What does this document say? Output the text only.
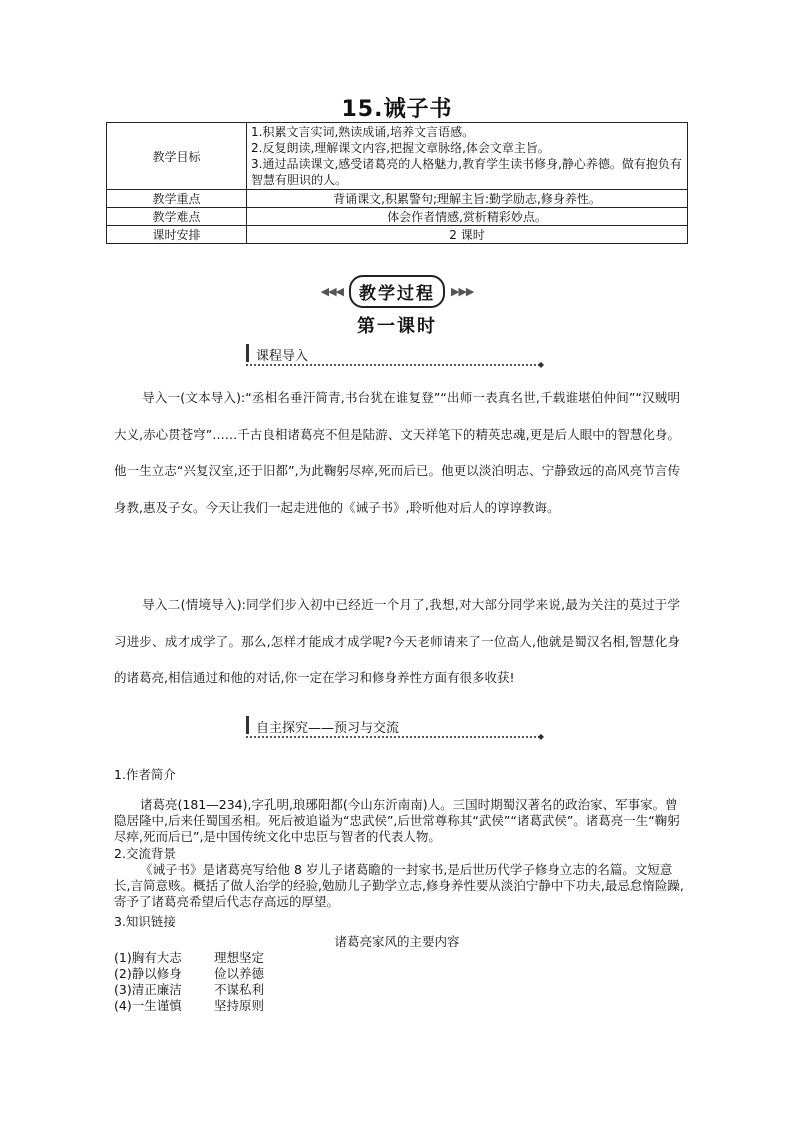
15.诫子书
教学目标	1.积累文言实词,熟读成诵,培养文言语感。
2.反复朗读,理解课文内容,把握文章脉络,体会文章主旨。
3.通过品读课文,感受诸葛亮的人格魅力,教育学生读书修身,静心养德。做有抱负有智慧有胆识的人。

教学重点	背诵课文,积累警句;理解主旨:勤学励志,修身养性。
教学难点	体会作者情感,赏析精彩妙点。
课时安排	2 课时
◀◀◀ 教学过程	▶▶▶
第一课时
课程导入
◆
导入一(文本导入):“丞相名垂汗简青,书台犹在谁复登”“出师一表真名世,千载谁堪伯仲间”“汉贼明大义,赤心贯苍穹”……千古良相诸葛亮不但是陆游、文天祥笔下的精英忠魂,更是后人眼中的智慧化身。他一生立志“兴复汉室,还于旧都”,为此鞠躬尽瘁,死而后已。他更以淡泊明志、宁静致远的高风亮节言传身教,惠及子女。今天让我们一起走进他的《诫子书》,聆听他对后人的谆谆教诲。
导入二(情境导入):同学们步入初中已经近一个月了,我想,对大部分同学来说,最为关注的莫过于学习进步、成才成学了。那么,怎样才能成才成学呢?今天老师请来了一位高人,他就是蜀汉名相,智慧化身的诸葛亮,相信通过和他的对话,你一定在学习和修身养性方面有很多收获!
自主探究——预习与交流
◆
1.作者简介
诸葛亮(181—234),字孔明,琅琊阳都(今山东沂南南)人。三国时期蜀汉著名的政治家、军事家。曾隐居隆中,后来任蜀国丞相。死后被追谥为“忠武侯”,后世常尊称其“武侯”“诸葛武侯”。诸葛亮一生“鞠躬尽瘁,死而后已”,是中国传统文化中忠臣与智者的代表人物。
2.交流背景
《诫子书》是诸葛亮写给他 8 岁儿子诸葛瞻的一封家书,是后世历代学子修身立志的名篇。文短意长,言简意赅。概括了做人治学的经验,勉励儿子勤学立志,修身养性要从淡泊宁静中下功夫,最忌怠惰险躁,寄予了诸葛亮希望后代志存高远的厚望。
3.知识链接
诸葛亮家风的主要内容
(1)胸有大志	理想坚定
(2)静以修身	俭以养德
(3)清正廉洁	不谋私利
(4)一生谨慎	坚持原则
